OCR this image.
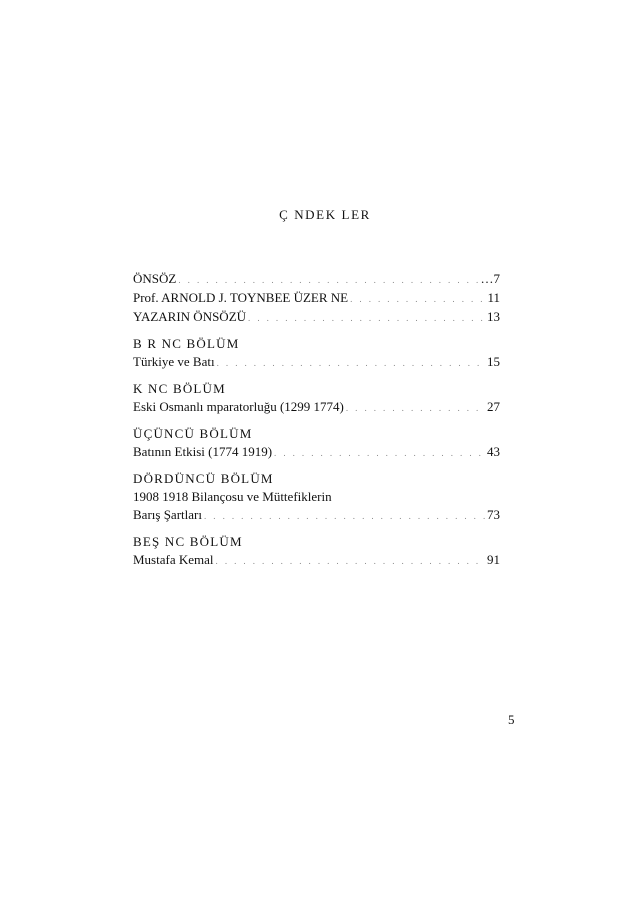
Ç NDEK LER
ÖNSÖZ . . .	…7
Prof. ARNOLD J. TOYNBEE ÜZER NE . . .	11
YAZARIN ÖNSÖZÜ . . .	13
B R NC BÖLÜM
Türkiye ve Batı . . .	15
K NC BÖLÜM
Eski Osmanlı mparatorluğu (1299 1774) . . .	27
ÜÇÜNCÜ BÖLÜM
Batının Etkisi (1774 1919) . . .	43
DÖRDÜNCÜ BÖLÜM
1908 1918 Bilançosu ve Müttefiklerin
Barış Şartları . . .	73
BEŞ NC BÖLÜM
Mustafa Kemal . . .	91
5
